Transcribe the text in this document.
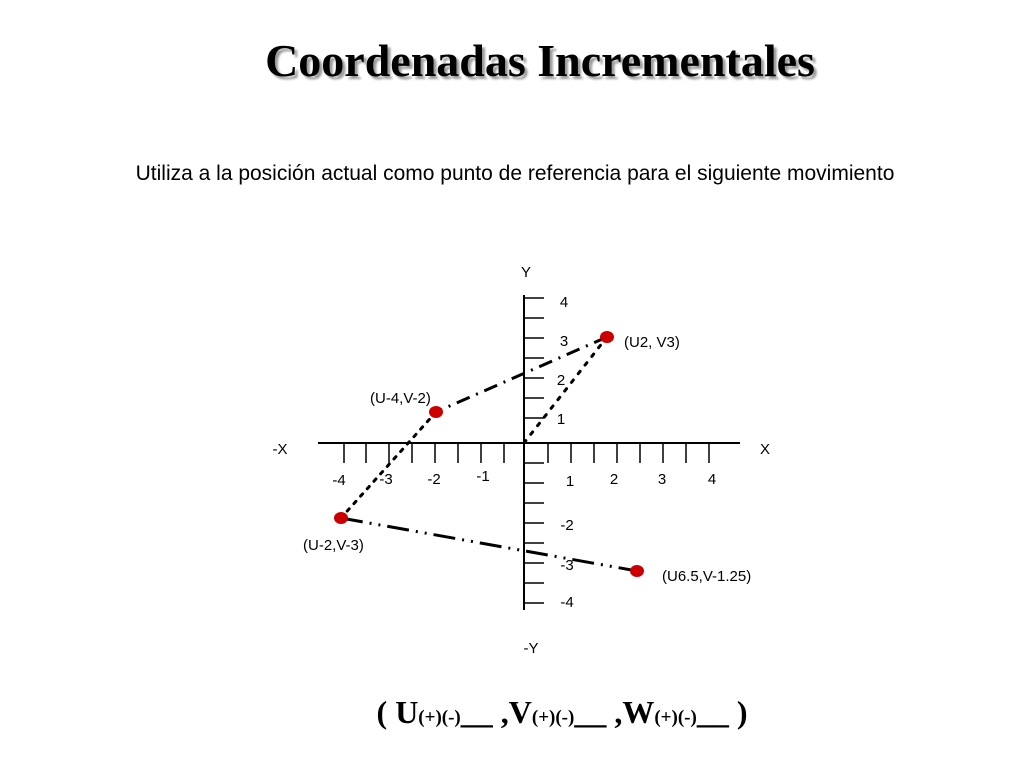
Coordenadas Incrementales
Utiliza a la posición actual como punto de referencia para el siguiente movimiento
Y
-Y
X
-X
-4 -3 -2 -1	1 2	3	4
4
3
2
1
-2
-3
-4
(U2, V3)
(U-4,V-2)
(U-2,V-3)
(U6.5,V-1.25)
( U(+)(-)__ ,V(+)(-)__ ,W(+)(-)__ )
